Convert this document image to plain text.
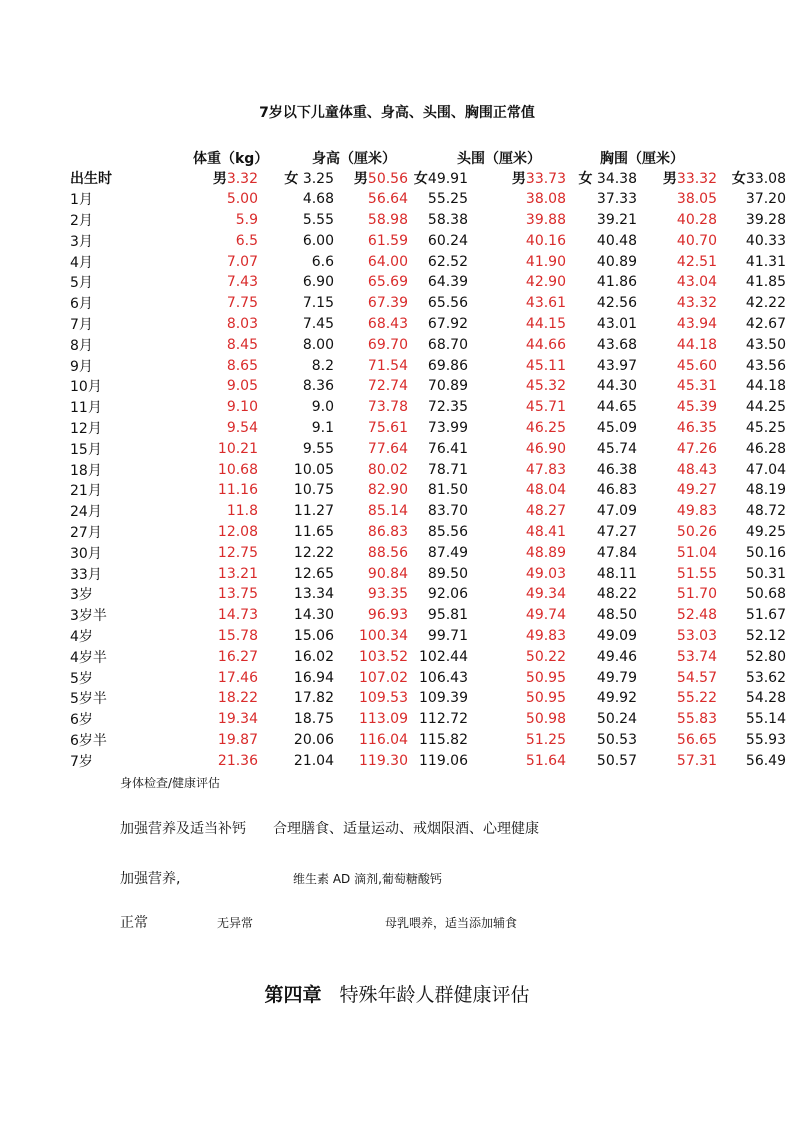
7岁以下儿童体重、身高、头围、胸围正常值
体重（kg）	身高（厘米）	头围（厘米）	胸围（厘米）
出生时		男3.32	女 3.25	男50.56	女49.91	男33.73	女 34.38	男33.32	女33.08
1月		5.00	4.68	56.64	55.25	38.08	37.33	38.05	37.20
2月		5.9	5.55	58.98	58.38	39.88	39.21	40.28	39.28
3月		6.5	6.00	61.59	60.24	40.16	40.48	40.70	40.33
4月		7.07	6.6	64.00	62.52	41.90	40.89	42.51	41.31
5月		7.43	6.90	65.69	64.39	42.90	41.86	43.04	41.85
6月		7.75	7.15	67.39	65.56	43.61	42.56	43.32	42.22
7月		8.03	7.45	68.43	67.92	44.15	43.01	43.94	42.67
8月		8.45	8.00	69.70	68.70	44.66	43.68	44.18	43.50
9月		8.65	8.2	71.54	69.86	45.11	43.97	45.60	43.56
10月		9.05	8.36	72.74	70.89	45.32	44.30	45.31	44.18
11月		9.10	9.0	73.78	72.35	45.71	44.65	45.39	44.25
12月		9.54	9.1	75.61	73.99	46.25	45.09	46.35	45.25
15月		10.21	9.55	77.64	76.41	46.90	45.74	47.26	46.28
18月		10.68	10.05	80.02	78.71	47.83	46.38	48.43	47.04
21月		11.16	10.75	82.90	81.50	48.04	46.83	49.27	48.19
24月		11.8	11.27	85.14	83.70	48.27	47.09	49.83	48.72
27月		12.08	11.65	86.83	85.56	48.41	47.27	50.26	49.25
30月		12.75	12.22	88.56	87.49	48.89	47.84	51.04	50.16
33月		13.21	12.65	90.84	89.50	49.03	48.11	51.55	50.31
3岁		13.75	13.34	93.35	92.06	49.34	48.22	51.70	50.68
3岁半		14.73	14.30	96.93	95.81	49.74	48.50	52.48	51.67
4岁		15.78	15.06	100.34	99.71	49.83	49.09	53.03	52.12
4岁半		16.27	16.02	103.52	102.44	50.22	49.46	53.74	52.80
5岁		17.46	16.94	107.02	106.43	50.95	49.79	54.57	53.62
5岁半		18.22	17.82	109.53	109.39	50.95	49.92	55.22	54.28
6岁		19.34	18.75	113.09	112.72	50.98	50.24	55.83	55.14
6岁半		19.87	20.06	116.04	115.82	51.25	50.53	56.65	55.93
7岁		21.36	21.04	119.30	119.06	51.64	50.57	57.31	56.49
身体检查/健康评估
加强营养及适当补钙 合理膳食、适量运动、戒烟限酒、心理健康
加强营养,	维生素 AD 滴剂,葡萄糖酸钙
正常	无异常	母乳喂养，适当添加辅食
第四章 特殊年龄人群健康评估
